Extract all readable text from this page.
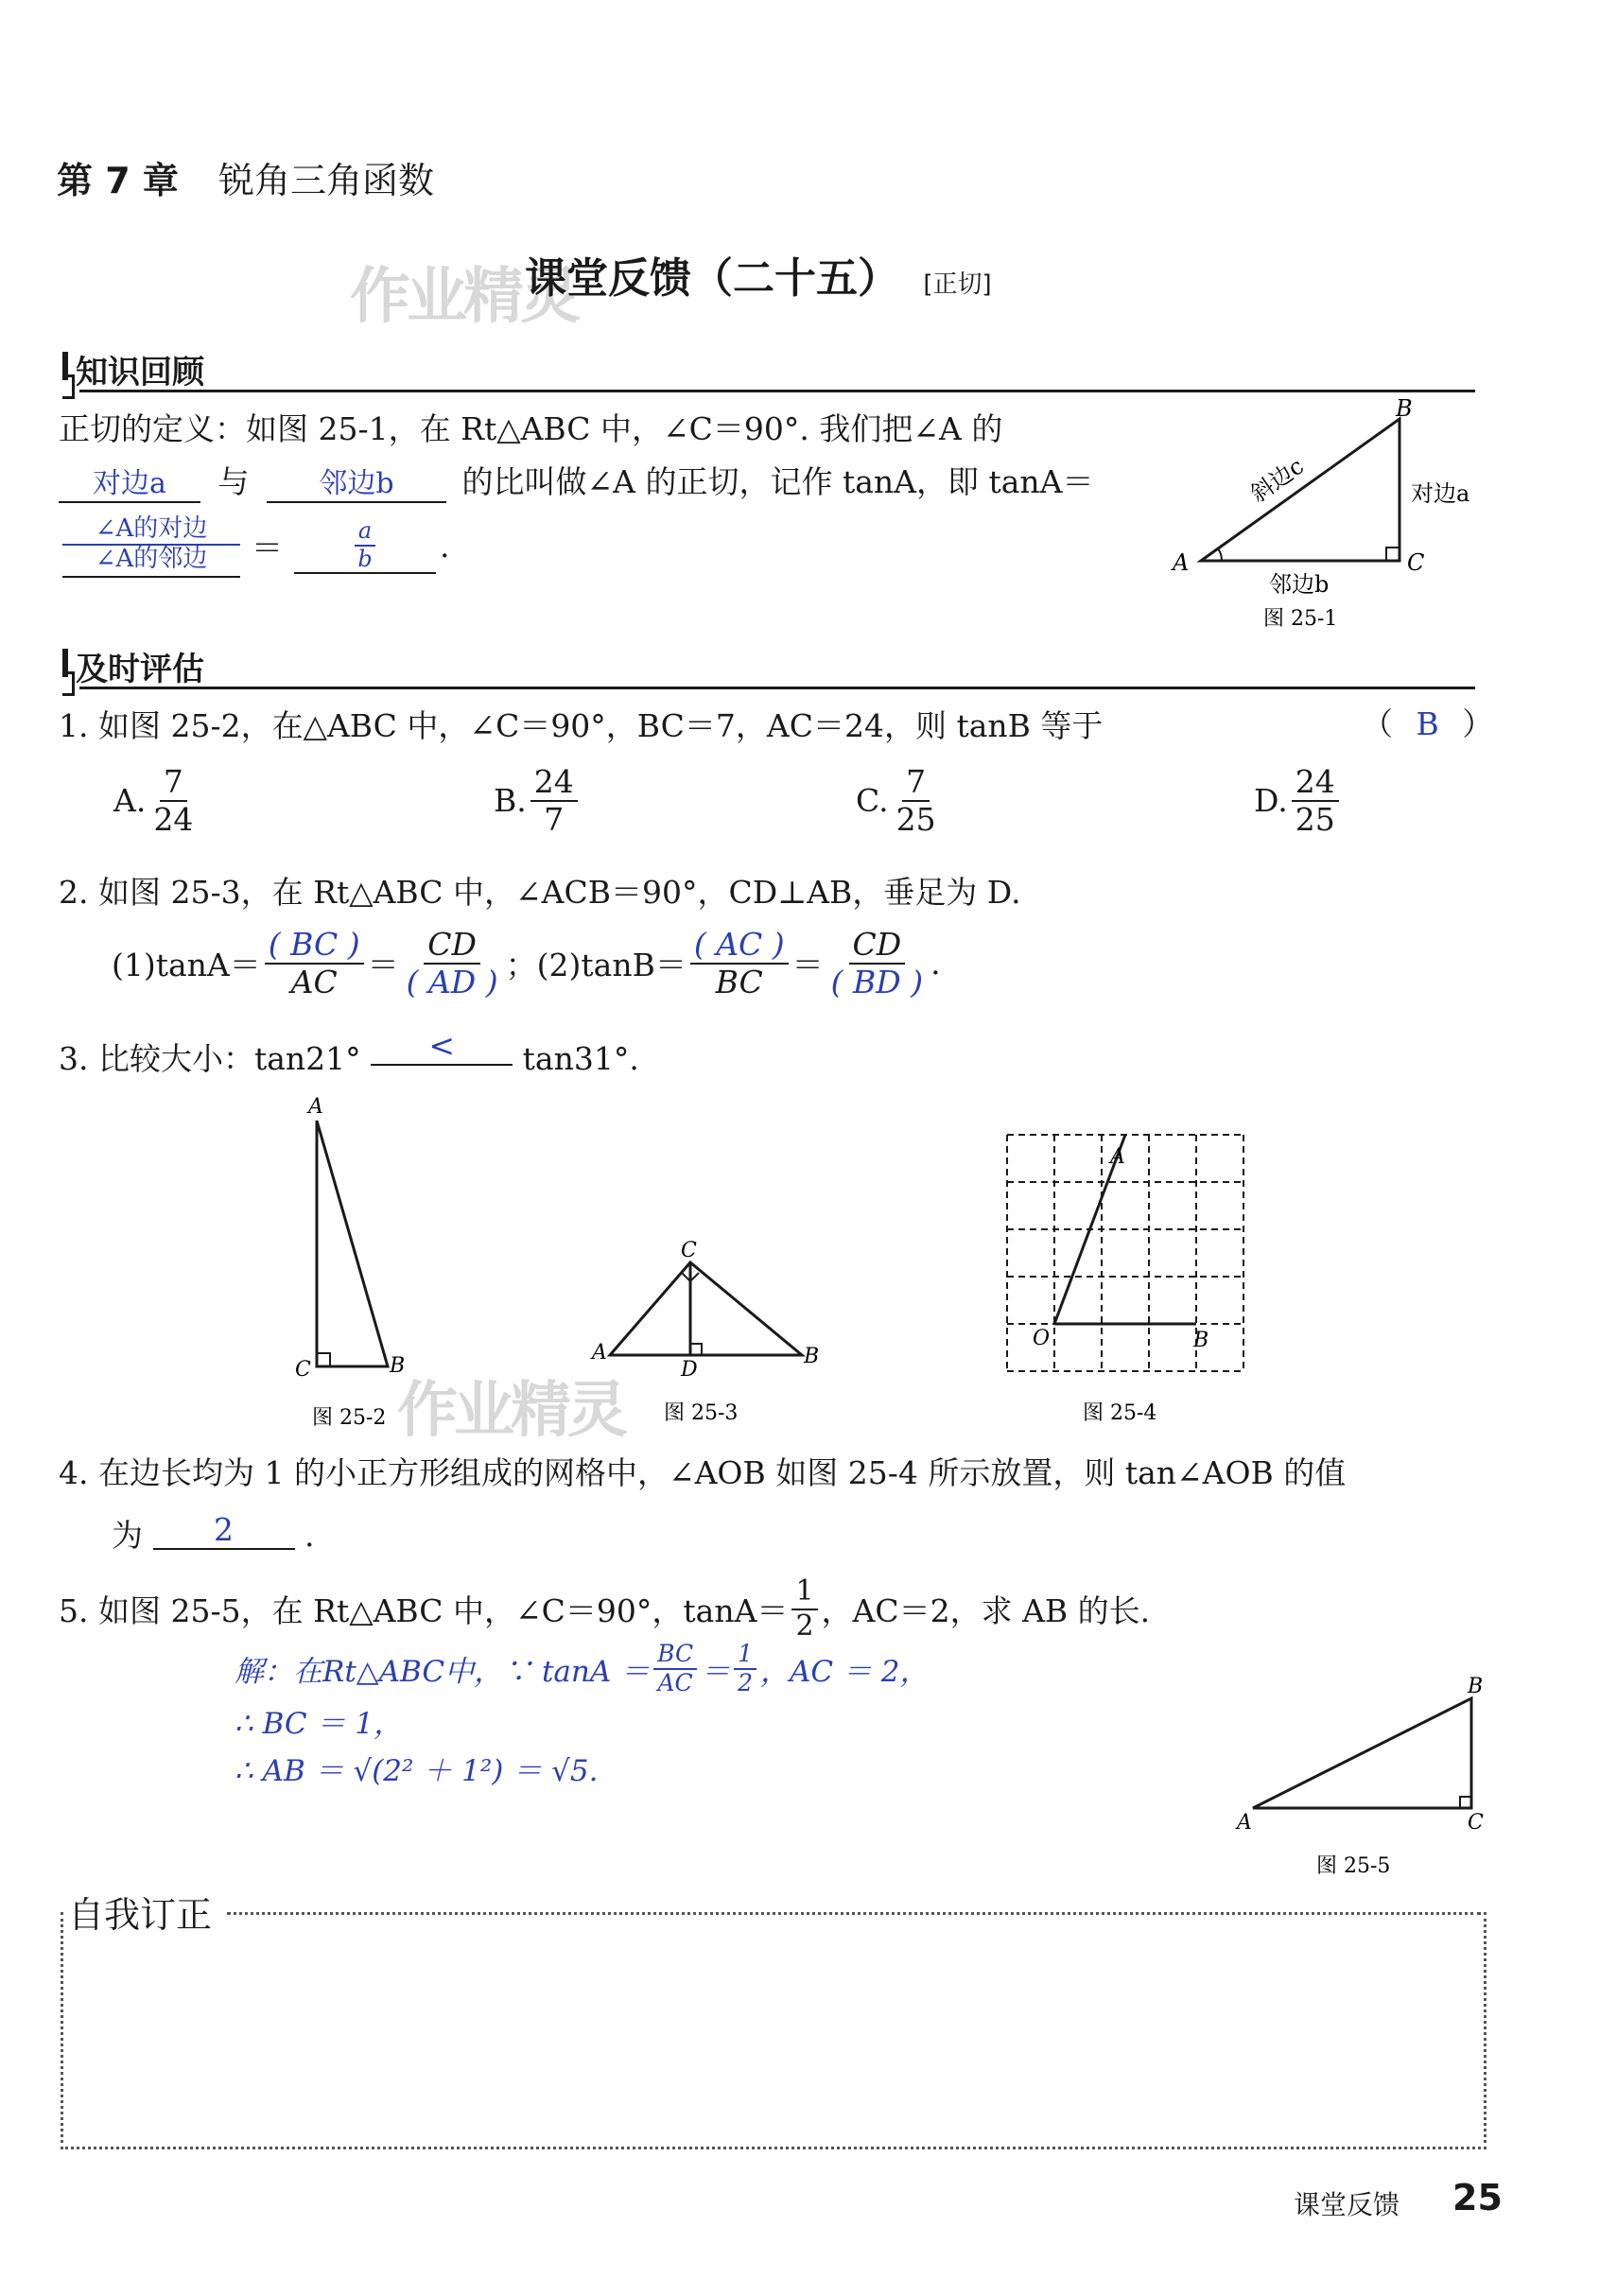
第 7 章 锐角三角函数
作业精灵
课堂反馈（二十五） [正切]
知识回顾
正切的定义：如图 25-1，在 Rt△ABC 中，∠C＝90°. 我们把∠A 的
对边a 与 邻边b 的比叫做∠A 的正切，记作 tanA，即 tanA＝
$\frac{\text{∠A的对边}}{\text{∠A的邻边}} = \frac{a}{b}$ .
B
A	C
斜边c	对边a
邻边b
图 25-1
及时评估
1. 如图 25-2，在△ABC 中，∠C＝90°，BC＝7，AC＝24，则 tanB 等于	（ B ）
A. $\frac{7}{24}$	B. $\frac{24}{7}$	C. $\frac{7}{25}$	D. $\frac{24}{25}$
2. 如图 25-3，在 Rt△ABC 中，∠ACB＝90°，CD⊥AB，垂足为 D.
$(1)\tan A= \frac{( BC )}{AC} = \frac{CD}{( AD )}$ ；$(2)\tan B= \frac{( AC )}{BC} = \frac{CD}{( BD )}$ .
3. 比较大小：tan21° < tan31°.
A
C	B
图 25-2 作业精灵
C
A	B
D
图 25-3
A
O	B
图 25-4
4. 在边长均为 1 的小正方形组成的网格中，∠AOB 如图 25-4 所示放置，则 tan∠AOB 的值
为 2 .
5. 如图 25-5，在 Rt△ABC 中，∠C＝90°，$\tan A= \frac{1}{2}$ ，AC＝2，求 AB 的长.
解：在Rt△ABC中，∵ $\tan A = \frac{BC}{AC} = \frac{1}{2}$ ，AC ＝ 2，
∴ BC ＝ 1，
∴ AB ＝ √(2² ＋ 1²) ＝ √5.
B
A	C
图 25-5
自我订正
课堂反馈 25
